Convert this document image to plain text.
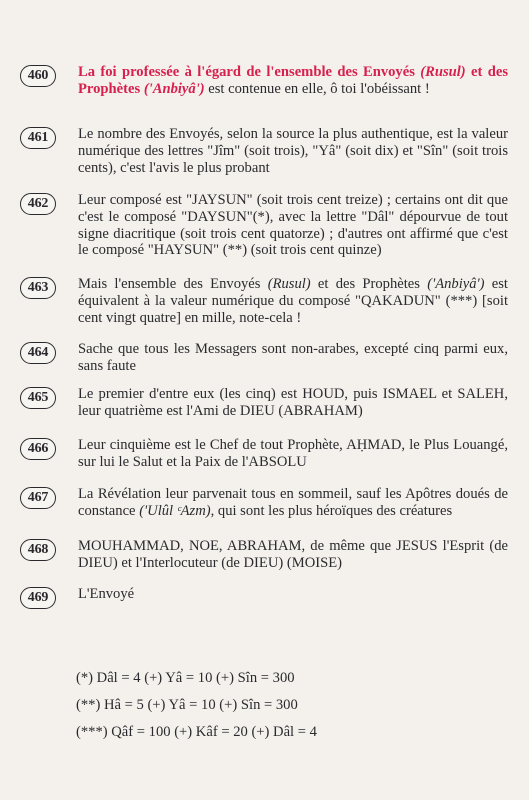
460	La foi professée à l'égard de l'ensemble des Envoyés (Rusul) et des Prophètes ('Anbiyâ') est contenue en elle, ô toi l'obéissant !
461	Le nombre des Envoyés, selon la source la plus authentique, est la valeur numérique des lettres "Jîm" (soit trois), "Yâ" (soit dix) et "Sîn" (soit trois cents), c'est l'avis le plus probant
462	Leur composé est "JAYSUN" (soit trois cent treize) ; certains ont dit que c'est le composé "DAYSUN"(*), avec la lettre "Dâl" dépourvue de tout signe diacritique (soit trois cent quatorze) ; d'autres ont affirmé que c'est le composé "HAYSUN" (**) (soit trois cent quinze)
463	Mais l'ensemble des Envoyés (Rusul) et des Prophètes ('Anbiyâ') est équivalent à la valeur numérique du composé "QAKADUN" (***) [soit cent vingt quatre] en mille, note-cela !
464	Sache que tous les Messagers sont non-arabes, excepté cinq parmi eux, sans faute
465	Le premier d'entre eux (les cinq) est HOUD, puis ISMAEL et SALEH, leur quatrième est l'Ami de DIEU (ABRAHAM)
466	Leur cinquième est le Chef de tout Prophète, AḤMAD, le Plus Louangé, sur lui le Salut et la Paix de l'ABSOLU
467	La Révélation leur parvenait tous en sommeil, sauf les Apôtres doués de constance ('Ulûl ᶜAzm), qui sont les plus héroïques des créatures
468	MOUHAMMAD, NOE, ABRAHAM, de même que JESUS l'Esprit (de DIEU) et l'Interlocuteur (de DIEU) (MOISE)
469	L'Envoyé
(*) Dâl = 4 (+) Yâ = 10 (+) Sîn = 300
(**) Hâ = 5 (+) Yâ = 10 (+) Sîn = 300
(***) Qâf = 100 (+) Kâf = 20 (+) Dâl = 4
